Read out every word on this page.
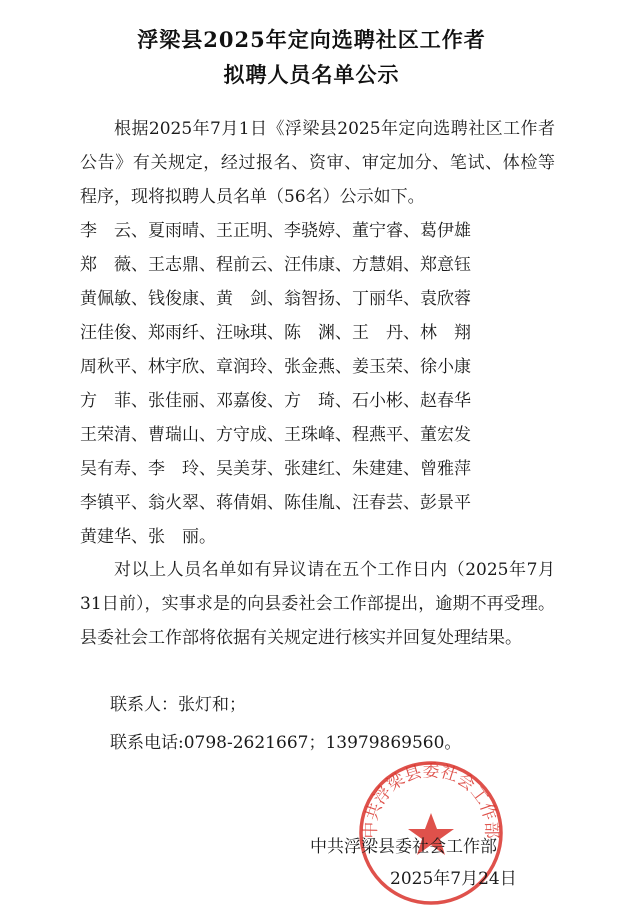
浮梁县2025年定向选聘社区工作者
拟聘人员名单公示
根据2025年7月1日《浮梁县2025年定向选聘社区工作者公告》有关规定，经过报名、资审、审定加分、笔试、体检等程序，现将拟聘人员名单（56名）公示如下。
李　云、夏雨晴、王正明、李骁婷、董宁睿、葛伊雄
郑　薇、王志鼎、程前云、汪伟康、方慧娟、郑意钰
黄佩敏、钱俊康、黄　剑、翁智扬、丁丽华、袁欣蓉
汪佳俊、郑雨纤、汪咏琪、陈　渊、王　丹、林　翔
周秋平、林宇欣、章润玲、张金燕、姜玉荣、徐小康
方　菲、张佳丽、邓嘉俊、方　琦、石小彬、赵春华
王荣清、曹瑞山、方守成、王珠峰、程燕平、董宏发
吴有寿、李　玲、吴美芽、张建红、朱建建、曾雅萍
李镇平、翁火翠、蒋倩娟、陈佳胤、汪春芸、彭景平
黄建华、张　丽。
对以上人员名单如有异议请在五个工作日内（2025年7月31日前），实事求是的向县委社会工作部提出，逾期不再受理。县委社会工作部将依据有关规定进行核实并回复处理结果。
联系人：张灯和；
联系电话:0798-2621667；13979869560。
中共浮梁县委社会工作部
中共浮梁县委社会工作部
2025年7月24日
